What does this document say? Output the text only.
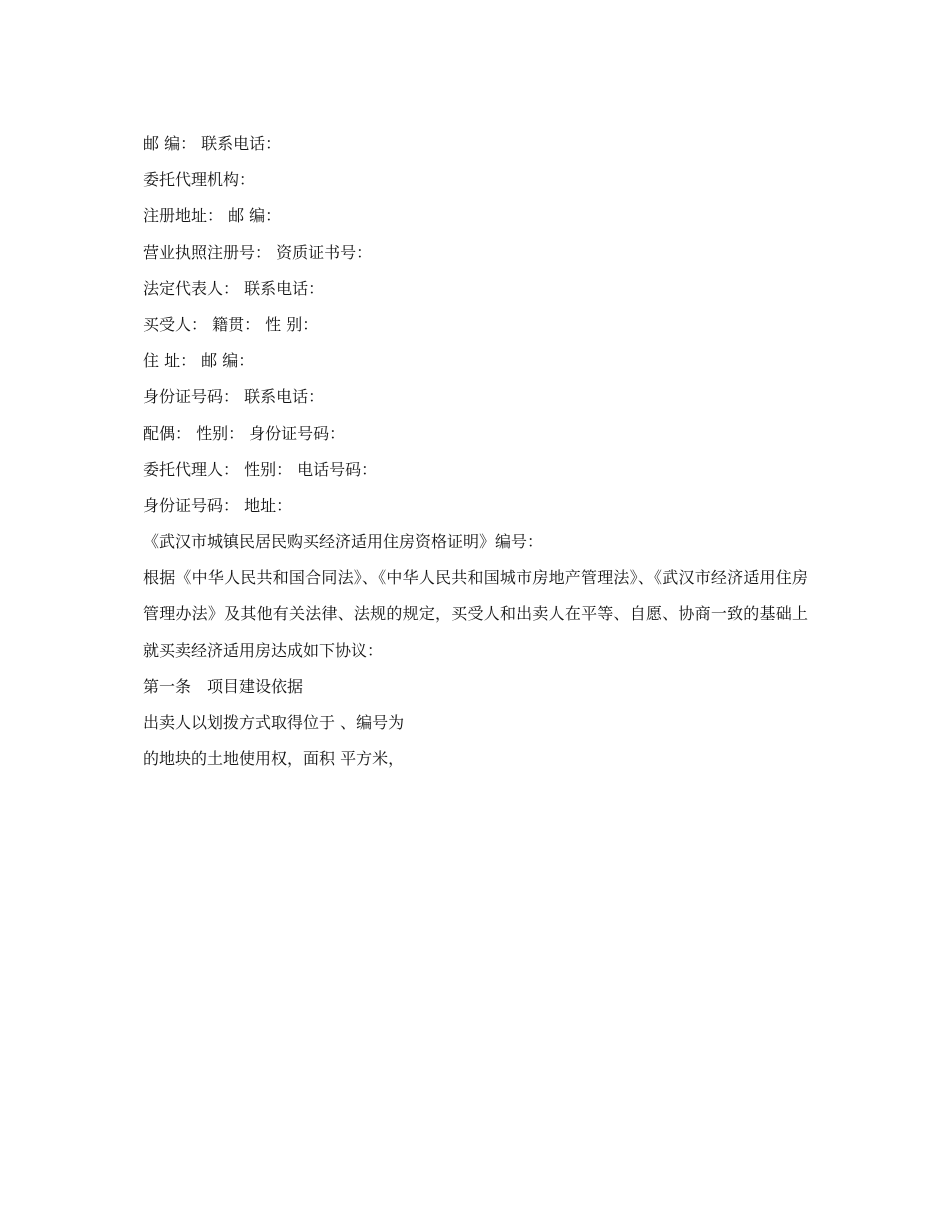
邮 编： 联系电话：
委托代理机构：
注册地址： 邮 编：
营业执照注册号： 资质证书号：
法定代表人： 联系电话：
买受人： 籍贯： 性 别：
住 址： 邮 编：
身份证号码： 联系电话：
配偶： 性别： 身份证号码：
委托代理人： 性别： 电话号码：
身份证号码： 地址：
《武汉市城镇民居民购买经济适用住房资格证明》编号：
根据《中华人民共和国合同法》、《中华人民共和国城市房地产管理法》、《武汉市经济适用住房管理办法》及其他有关法律、法规的规定，买受人和出卖人在平等、自愿、协商一致的基础上就买卖经济适用房达成如下协议：
第一条　项目建设依据
出卖人以划拨方式取得位于 、编号为
的地块的土地使用权，面积 平方米，
